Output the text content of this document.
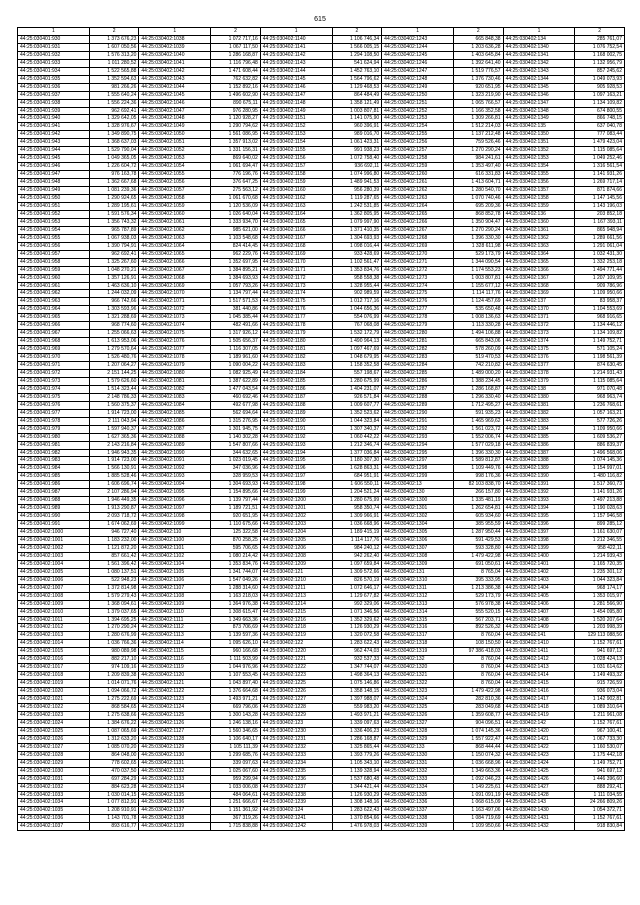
615
1	2	1	2	1	2	1	2	1	2
44:25:030401:930	1 373 676,23	44:25:030402:1038	1 072 717,16	44:25:030402:1140	1 106 746,34	44:25:030402:1243	665 848,38	44:25:030402:134	285 761,07
44:25:030401:931	1 607 050,56	44:25:030402:1039	1 067 117,50	44:25:030402:1141	1 566 005,15	44:25:030402:1244	1 203 636,28	44:25:030402:1340	1 076 752,54
44:25:030401:932	1 576 313,20	44:25:030402:1040	1 286 168,87	44:25:030402:1142	1 294 108,50	44:25:030402:1245	1 403 645,84	44:25:030402:1341	1 168 002,75
44:25:030401:933	1 011 280,52	44:25:030402:1041	1 116 796,48	44:25:030402:1143	541 624,94	44:25:030402:1246	1 392 641,40	44:25:030402:1342	1 132 956,79
44:25:030401:934	1 522 565,88	44:25:030402:1042	1 471 608,44	44:25:030402:1144	1 452 763,10	44:25:030402:1247	1 519 776,57	44:25:030402:1343	857 245,62
44:25:030401:935	1 352 594,63	44:25:030402:1043	762 632,82	44:25:030402:1145	1 564 796,62	44:25:030402:1248	1 376 730,46	44:25:030402:1344	1 049 073,93
44:25:030401:936	981 266,26	44:25:030402:1044	1 152 892,16	44:25:030402:1146	1 129 468,53	44:25:030402:1249	920 651,95	44:25:030402:1345	905 928,53
44:25:030401:937	1 555 640,24	44:25:030402:1045	1 496 602,90	44:25:030402:1147	864 484,49	44:25:030402:1250	1 323 219,90	44:25:030402:1346	1 097 163,21
44:25:030401:938	1 556 224,36	44:25:030402:1046	890 675,11	44:25:030402:1148	1 358 121,49	44:25:030402:1251	1 065 766,57	44:25:030402:1347	1 134 109,82
44:25:030401:939	962 692,41	44:25:030402:1047	976 280,95	44:25:030402:1149	1 003 807,81	44:25:030402:1252	1 166 352,58	44:25:030402:1348	674 800,55
44:25:030401:940	1 329 642,05	44:25:030402:1048	1 120 928,27	44:25:030402:1151	1 141 075,90	44:25:030402:1253	1 309 266,81	44:25:030402:1349	866 748,15
44:25:030401:941	1 328 976,67	44:25:030402:1049	1 290 794,62	44:25:030402:1152	960 396,91	44:25:030402:1254	1 512 214,03	44:25:030402:135	637 040,78
44:25:030401:942	1 349 890,75	44:25:030402:1050	1 561 086,95	44:25:030402:1153	989 016,70	44:25:030402:1255	1 137 212,48	44:25:030402:1350	777 083,44
44:25:030401:943	1 368 637,03	44:25:030402:1051	1 357 913,02	44:25:030402:1154	1 061 423,31	44:25:030402:1256	759 526,46	44:25:030402:1351	1 479 423,04
44:25:030401:944	1 529 790,04	44:25:030402:1052	1 331 156,31	44:25:030402:1155	991 938,23	44:25:030402:1257	1 270 290,24	44:25:030402:1352	1 115 085,64
44:25:030401:945	1 049 365,05	44:25:030402:1053	869 640,02	44:25:030402:1156	1 072 758,40	44:25:030402:1258	984 241,61	44:25:030402:1353	1 049 252,46
44:25:030401:946	1 226 604,72	44:25:030402:1054	1 061 694,47	44:25:030402:1157	936 692,11	44:25:030402:1259	1 353 497,40	44:25:030402:1354	1 316 561,54
44:25:030401:947	976 163,78	44:25:030402:1055	776 196,76	44:25:030402:1158	1 074 996,80	44:25:030402:1260	616 331,83	44:25:030402:1355	1 141 931,26
44:25:030401:948	1 362 667,68	44:25:030402:1056	376 647,25	44:25:030402:1159	1 489 941,53	44:25:030402:1261	1 413 604,71	44:25:030402:1356	1 269 717,14
44:25:030401:949	1 081 239,36	44:25:030402:1057	275 563,12	44:25:030402:1160	956 280,39	44:25:030402:1262	1 280 540,70	44:25:030402:1357	871 874,66
44:25:030401:950	1 290 924,65	44:25:030402:1058	1 061 670,68	44:25:030402:1162	1 119 287,65	44:25:030402:1263	1 070 740,46	44:25:030402:1358	1 147 145,56
44:25:030401:951	1 289 195,61	44:25:030402:1059	1 120 536,09	44:25:030402:1163	1 242 531,85	44:25:030402:1264	695 209,36	44:25:030402:1359	1 143 196,03
44:25:030401:952	1 591 576,34	44:25:030402:1060	1 026 640,04	44:25:030402:1164	1 362 805,95	44:25:030402:1265	868 852,78	44:25:030402:136	203 852,18
44:25:030401:953	1 356 743,32	44:25:030402:1061	1 333 934,70	44:25:030402:1165	1 079 997,90	44:25:030402:1266	1 350 904,47	44:25:030402:1360	1 167 393,11
44:25:030401:954	965 787,89	44:25:030402:1062	985 621,00	44:25:030402:1166	1 371 410,35	44:25:030402:1267	1 270 290,24	44:25:030402:1361	865 948,94
44:25:030401:955	1 067 938,03	44:25:030402:1063	1 103 548,68	44:25:030402:1167	1 304 693,93	44:25:030402:1268	1 396 330,30	44:25:030402:1362	1 289 661,56
44:25:030401:956	1 390 794,91	44:25:030402:1064	824 414,45	44:25:030402:1168	1 098 016,44	44:25:030402:1269	1 328 611,98	44:25:030402:1363	1 291 061,04
44:25:030401:957	962 692,41	44:25:030402:1065	962 229,76	44:25:030402:1169	933 428,69	44:25:030402:1270	529 173,79	44:25:030402:1364	1 032 431,30
44:25:030401:958	1 325 267,60	44:25:030402:1066	1 352 697,95	44:25:030402:1170	1 102 561,47	44:25:030402:1271	1 344 090,54	44:25:030402:1365	1 332 253,18
44:25:030401:959	1 048 270,21	44:25:030402:1067	1 384 895,21	44:25:030402:1171	1 353 834,76	44:25:030402:1272	1 174 553,23	44:25:030402:1366	1 494 771,44
44:25:030401:960	1 357 126,91	44:25:030402:1068	1 384 693,93	44:25:030402:1172	958 558,38	44:25:030402:1273	1 003 807,81	44:25:030402:1367	1 207 109,95
44:25:030401:961	1 463 636,10	44:25:030402:1069	1 057 793,26	44:25:030402:1173	1 328 955,44	44:25:030402:1274	1 155 677,12	44:25:030402:1368	909 786,96
44:25:030401:962	1 244 032,09	44:25:030402:1070	1 134 797,44	44:25:030402:1174	902 989,59	44:25:030402:1275	1 114 117,76	44:25:030402:1369	1 109 950,66
44:25:030401:963	966 742,66	44:25:030402:1071	1 517 571,53	44:25:030402:1175	1 012 717,16	44:25:030402:1276	1 124 457,69	44:25:030402:137	83 958,37
44:25:030401:964	1 303 593,96	44:25:030402:1072	381 440,86	44:25:030402:1176	1 044 656,36	44:25:030402:1277	535 650,48	44:25:030402:1370	1 104 553,69
44:25:030401:965	1 321 288,69	44:25:030402:1073	1 045 385,44	44:25:030402:1177	554 076,99	44:25:030402:1278	1 008 136,63	44:25:030402:1371	968 916,65
44:25:030401:966	968 774,60	44:25:030402:1074	482 491,66	44:25:030402:1178	767 068,08	44:25:030402:1279	1 113 330,28	44:25:030402:1372	1 134 446,12
44:25:030401:967	1 255 066,63	44:25:030402:1075	1 317 926,12	44:25:030402:1179	1 532 172,79	44:25:030402:1280	1 494 106,88	44:25:030402:1373	1 134 109,82
44:25:030401:968	1 613 953,06	44:25:030402:1076	1 505 656,37	44:25:030402:1180	1 490 964,13	44:25:030402:1281	665 843,06	44:25:030402:1374	1 149 752,71
44:25:030401:969	1 279 570,64	44:25:030402:1077	1 116 307,05	44:25:030402:1181	1 097 467,69	44:25:030402:1282	578 260,09	44:25:030402:1375	571 105,24
44:25:030401:970	1 526 480,76	44:25:030402:1078	1 189 961,60	44:25:030402:1182	1 048 679,95	44:25:030402:1283	519 470,53	44:25:030402:1376	1 198 561,39
44:25:030401:971	1 207 064,27	44:25:030402:1079	1 090 004,22	44:25:030402:1183	1 158 352,58	44:25:030402:1284	742 210,82	44:25:030402:1377	874 630,45
44:25:030401:972	2 151 144,25	44:25:030402:1080	1 082 925,49	44:25:030402:1184	557 198,67	44:25:030402:1285	1 489 000,20	44:25:030402:1378	1 214 931,43
44:25:030401:973	1 579 626,60	44:25:030402:1081	1 387 622,89	44:25:030402:1185	1 280 675,99	44:25:030402:1286	1 388 234,45	44:25:030402:1379	1 115 085,64
44:25:030401:974	1 514 323,44	44:25:030402:1082	1 477 043,54	44:25:030402:1186	1 404 231,07	44:25:030402:1287	1 286 168,87	44:25:030402:138	971 070,48
44:25:030401:975	2 148 786,33	44:25:030402:1083	460 692,46	44:25:030402:1187	926 571,84	44:25:030402:1288	1 296 330,40	44:25:030402:1380	968 963,74
44:25:030401:976	1 560 375,37	44:25:030402:1084	492 677,98	44:25:030402:1188	1 009 607,77	44:25:030402:1289	1 712 495,27	44:25:030402:1381	1 236 768,61
44:25:030401:977	1 914 723,00	44:25:030402:1085	562 694,64	44:25:030402:1189	1 352 523,62	44:25:030402:1290	591 935,23	44:25:030402:1382	1 057 163,21
44:25:030401:978	2 111 043,94	44:25:030402:1086	1 315 276,95	44:25:030402:1190	1 044 323,84	44:25:030402:1291	1 465 969,62	44:25:030402:1383	577 726,26
44:25:030401:979	1 597 940,37	44:25:030402:1087	1 301 945,75	44:25:030402:1191	1 307 340,37	44:25:030402:1292	1 561 023,72	44:25:030402:1384	1 109 950,66
44:25:030401:980	1 627 365,36	44:25:030402:1088	1 140 302,28	44:25:030402:1192	1 060 442,22	44:25:030402:1293	1 552 006,74	44:25:030402:1385	1 609 536,27
44:25:030401:981	2 143 216,84	44:25:030402:1089	1 547 807,66	44:25:030402:1193	1 212 346,74	44:25:030402:1294	1 577 029,18	44:25:030402:1386	886 839,37
44:25:030401:982	1 946 943,35	44:25:030402:1090	344 632,65	44:25:030402:1194	1 377 036,84	44:25:030402:1295	1 396 330,30	44:25:030402:1387	1 496 568,06
44:25:030401:983	1 914 723,00	44:25:030402:1091	1 023 019,45	44:25:030402:1195	1 180 307,30	44:25:030402:1297	1 589 812,87	44:25:030402:1388	1 074 145,36
44:25:030401:984	1 566 130,91	44:25:030402:1092	347 036,96	44:25:030402:1196	1 628 863,31	44:25:030402:1298	1 109 449,76	44:25:030402:1389	1 154 997,01
44:25:030401:985	1 885 528,46	44:25:030402:1093	328 959,53	44:25:030402:1197	684 951,91	44:25:030402:1299	998 176,36	44:25:030402:1390	1 480 116,82
44:25:030401:986	1 606 696,74	44:25:030402:1094	1 304 693,93	44:25:030402:1198	1 606 550,11	44:25:030402:13	82 103 838,70	44:25:030402:1391	1 517 360,73
44:25:030401:987	2 107 286,94	44:25:030402:1095	1 154 895,66	44:25:030402:1199	1 204 521,24	44:25:030402:130	266 157,80	44:25:030402:1392	1 141 931,26
44:25:030401:988	1 946 449,35	44:25:030402:1096	1 139 797,44	44:25:030402:1200	1 280 675,99	44:25:030402:1300	1 335 481,19	44:25:030402:1393	1 497 213,88
44:25:030401:989	1 913 290,87	44:25:030402:1097	1 189 721,51	44:25:030402:1201	958 350,74	44:25:030402:1301	1 262 654,81	44:25:030402:1394	1 190 028,63
44:25:030401:990	2 093 718,72	44:25:030402:1098	920 651,95	44:25:030402:1202	1 309 966,91	44:25:030402:1302	605 934,60	44:25:030402:1395	1 157 946,58
44:25:030401:991	1 674 062,69	44:25:030402:1099	1 110 675,66	44:25:030402:1203	1 036 668,96	44:25:030402:1304	385 955,59	44:25:030402:1396	899 285,12
44:25:030402:1000	946 727,40	44:25:030402:110	125 322,58	44:25:030402:1204	1 189 415,19	44:25:030402:1305	1 287 950,44	44:25:030402:1397	1 161 630,07
44:25:030402:1001	1 183 232,00	44:25:030402:1100	870 258,25	44:25:030402:1205	1 114 117,76	44:25:030402:1306	591 429,53	44:25:030402:1398	1 212 346,55
44:25:030402:1002	1 121 872,20	44:25:030402:1101	595 706,65	44:25:030402:1206	984 240,12	44:25:030402:1307	593 328,80	44:25:030402:1399	958 422,11
44:25:030402:1003	857 661,42	44:25:030402:1102	1 080 214,42	44:25:030402:1208	942 262,40	44:25:030402:1308	1 479 422,98	44:25:030402:1400	1 214 939,43
44:25:030402:1004	1 561 396,42	44:25:030402:1104	1 353 834,76	44:25:030402:1209	1 097 659,84	44:25:030402:1309	691 050,61	44:25:030402:1401	1 165 720,35
44:25:030402:1005	1 080 137,51	44:25:030402:1105	1 341 744,07	44:25:030402:121	1 309 572,66	44:25:030402:131	8 765,04	44:25:030402:1402	1 235 301,12
44:25:030402:1006	522 948,23	44:25:030402:1106	1 547 049,26	44:25:030402:1210	826 570,19	44:25:030402:1310	395 333,95	44:25:030402:1403	1 044 323,84
44:25:030402:1007	1 372 814,98	44:25:030402:1107	1 288 314,60	44:25:030402:1211	1 072 646,17	44:25:030402:1311	1 213 386,38	44:25:030402:1404	968 174,17
44:25:030402:1008	1 579 279,43	44:25:030402:1108	1 163 218,03	44:25:030402:1213	1 129 677,82	44:25:030402:1312	529 173,79	44:25:030402:1405	1 353 015,97
44:25:030402:1009	1 368 094,61	44:25:030402:1109	1 364 976,38	44:25:030402:1214	992 329,06	44:25:030402:1313	576 978,38	44:25:030402:1406	1 281 566,90
44:25:030402:1010	1 379 037,65	44:25:030402:1110	1 308 615,47	44:25:030402:1215	1 071 346,56	44:25:030402:1314	555 520,15	44:25:030402:1407	1 454 095,80
44:25:030402:1011	1 394 695,25	44:25:030402:1111	1 349 663,36	44:25:030402:1216	1 352 329,62	44:25:030402:1315	567 203,71	44:25:030402:1408	1 520 207,64
44:25:030402:1012	1 270 290,24	44:25:030402:1112	873 706,69	44:25:030402:1218	1 126 930,29	44:25:030402:1316	892 526,32	44:25:030402:1409	1 203 998,39
44:25:030402:1013	1 280 676,99	44:25:030402:1113	1 139 597,36	44:25:030402:1219	1 320 072,58	44:25:030402:1317	8 760,04	44:25:030402:141	129 113 088,56
44:25:030402:1014	1 036 766,36	44:25:030402:1114	1 095 626,10	44:25:030402:122	1 283 622,43	44:25:030402:1318	108 150,50	44:25:030402:1410	1 152 767,61
44:25:030402:1015	980 089,98	44:25:030402:1115	960 166,68	44:25:030402:1220	962 474,03	44:25:030402:1319	97 386 418,03	44:25:030402:1411	941 697,12
44:25:030402:1016	882 217,10	44:25:030402:1116	1 111 503,99	44:25:030402:1221	932 537,33	44:25:030402:132	8 760,04	44:25:030402:1412	1 028 424,13
44:25:030402:1017	974 109,16	44:25:030402:1119	1 044 976,96	44:25:030402:1222	1 347 744,07	44:25:030402:1320	8 760,04	44:25:030402:1413	1 031 614,62
44:25:030402:1018	1 209 839,38	44:25:030402:1120	1 107 553,45	44:25:030402:1223	1 498 364,13	44:25:030402:1321	8 760,04	44:25:030402:1414	1 149 493,32
44:25:030402:1019	1 014 071,76	44:25:030402:1121	1 043 897,40	44:25:030402:1225	1 075 146,86	44:25:030402:1322	8 760,04	44:25:030402:1415	915 726,59
44:25:030402:1020	1 094 066,72	44:25:030402:1122	1 376 664,68	44:25:030402:1226	1 358 148,15	44:25:030402:1323	1 479 422,98	44:25:030402:1416	936 073,04
44:25:030402:1021	1 275 222,69	44:25:030402:1123	1 493 971,21	44:25:030402:1227	1 397 988,07	44:25:030402:1324	282 810,36	44:25:030402:1417	1 142 902,81
44:25:030402:1022	868 584,65	44:25:030402:1124	669 796,06	44:25:030402:1228	559 983,20	44:25:030402:1325	283 049,68	44:25:030402:1418	1 089 310,64
44:25:030402:1023	1 275 638,66	44:25:030402:1125	1 300 143,28	44:25:030402:1229	1 493 971,21	44:25:030402:1326	1 359 608,77	44:25:030402:1419	1 211 961,08
44:25:030402:1024	1 384 676,22	44:25:030402:1126	1 246 138,16	44:25:030402:123	1 339 097,63	44:25:030402:1327	904 096,51	44:25:030402:142	1 152 767,61
44:25:030402:1025	1 087 065,69	44:25:030402:1127	1 560 346,65	44:25:030402:1230	1 336 406,23	44:25:030402:1328	1 074 145,36	44:25:030402:1420	967 100,41
44:25:030402:1026	1 312 633,20	44:25:030402:1128	1 106 640,17	44:25:030402:1231	1 286 168,87	44:25:030402:1329	1 557 922,47	44:25:030402:1421	1 067 733,30
44:25:030402:1027	1 085 070,20	44:25:030402:1129	1 105 111,39	44:25:030402:1232	1 325 865,44	44:25:030402:133	868 444,44	44:25:030402:1422	1 160 530,07
44:25:030402:1028	864 048,00	44:25:030402:1130	1 299 685,76	44:25:030402:1233	1 393 779,26	44:25:030402:1330	1 150 074,32	44:25:030402:1423	1 175 442,18
44:25:030402:1029	778 602,65	44:25:030402:1131	339 097,63	44:25:030402:1234	1 105 343,10	44:25:030402:1331	1 036 668,96	44:25:030402:1424	1 149 752,71
44:25:030402:1030	470 037,50	44:25:030402:1132	1 025 067,60	44:25:030402:1235	1 139 328,94	44:25:030402:1332	1 349 663,36	44:25:030402:1425	941 697,12
44:25:030402:1031	697 284,29	44:25:030402:1133	959 299,94	44:25:030402:1236	1 537 680,48	44:25:030402:1333	1 092 046,23	44:25:030402:1426	1 446 396,60
44:25:030402:1032	884 623,28	44:25:030402:1134	1 033 006,08	44:25:030402:1237	1 344 421,44	44:25:030402:1334	1 149 225,61	44:25:030402:1427	888 292,41
44:25:030402:1033	1 030 014,15	44:25:030402:1135	484 064,61	44:25:030402:1238	1 126 930,29	44:25:030402:1335	1 091 091,19	44:25:030402:1428	1 111 034,55
44:25:030402:1034	1 077 812,91	44:25:030402:1136	1 251 666,67	44:25:030402:1239	1 308 148,16	44:25:030402:1336	1 068 615,09	44:25:030402:143	24 266 809,26
44:25:030402:1035	1 208 910,91	44:25:030402:1137	1 151 361,92	44:25:030402:124	1 283 622,43	44:25:030402:1337	1 163 497,06	44:25:030402:1430	1 054 372,71
44:25:030402:1036	1 143 701,78	44:25:030402:1138	367 319,26	44:25:030402:1241	1 370 854,66	44:25:030402:1338	1 084 719,69	44:25:030402:1431	1 152 767,61
44:25:030402:1037	893 616,77	44:25:030402:1139	1 715 838,88	44:25:030402:1242	1 476 978,03	44:25:030402:1339	1 109 950,66	44:25:030402:1432	918 830,84
